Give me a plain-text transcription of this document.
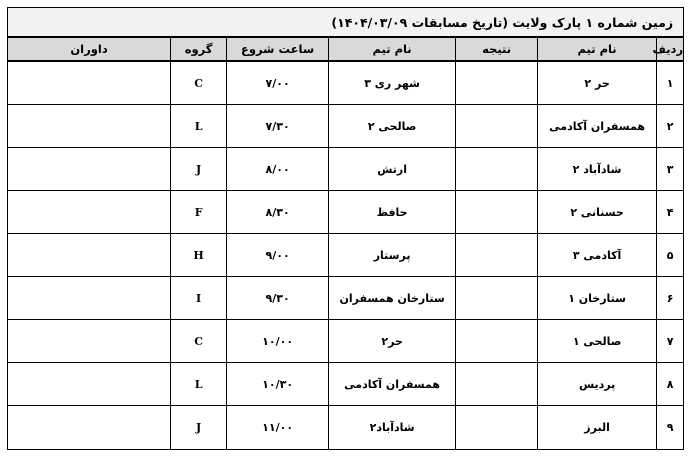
زمین شماره ۱ پارک ولایت (تاریخ مسابقات ۱۴۰۴/۰۳/۰۹)						
ردیف	نام تیم	نتیجه	نام تیم	ساعت شروع	گروه	داوران
۱	حر ۲		شهر ری ۳	۷/۰۰	C	
۲	همسفران آکادمی		صالحی ۲	۷/۳۰	L	
۳	شادآباد ۲		ارتش	۸/۰۰	J	
۴	حسنانی ۲		حافظ	۸/۳۰	F	
۵	آکادمی ۳		پرستار	۹/۰۰	H	
۶	ستارخان ۱		ستارخان همسفران	۹/۳۰	I	
۷	صالحی ۱		حر۲	۱۰/۰۰	C	
۸	پردیس		همسفران آکادمی	۱۰/۳۰	L	
۹	البرز		شادآباد۲	۱۱/۰۰	J	
